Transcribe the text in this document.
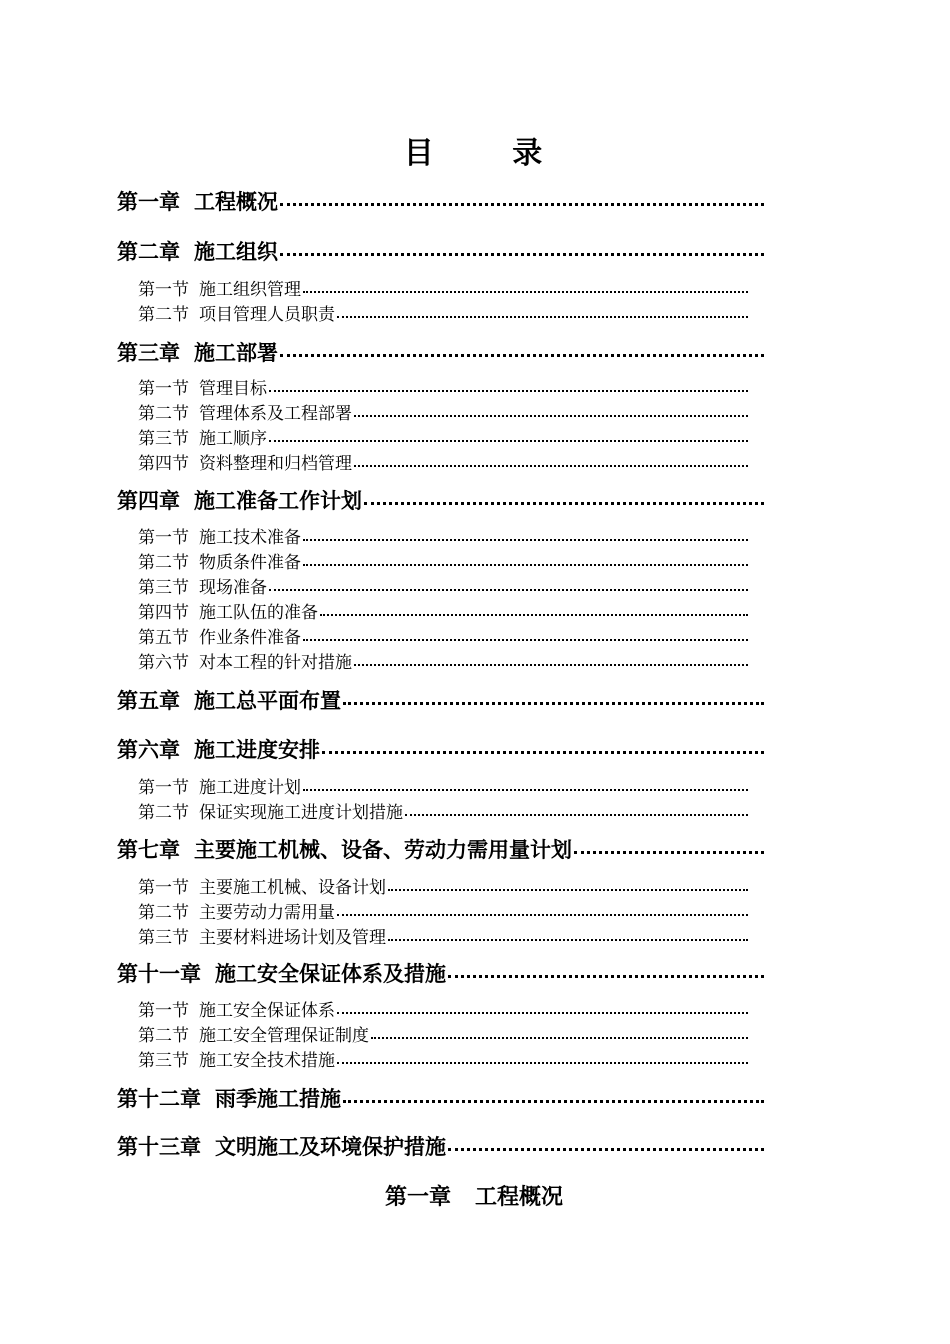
目 录
第一章 工程概况
第二章 施工组织
第一节 施工组织管理
第二节 项目管理人员职责
第三章 施工部署
第一节 管理目标
第二节 管理体系及工程部署
第三节 施工顺序
第四节 资料整理和归档管理
第四章 施工准备工作计划
第一节 施工技术准备
第二节 物质条件准备
第三节 现场准备
第四节 施工队伍的准备
第五节 作业条件准备
第六节 对本工程的针对措施
第五章 施工总平面布置
第六章 施工进度安排
第一节 施工进度计划
第二节 保证实现施工进度计划措施
第七章 主要施工机械、设备、劳动力需用量计划
第一节 主要施工机械、设备计划
第二节 主要劳动力需用量
第三节 主要材料进场计划及管理
第十一章 施工安全保证体系及措施
第一节 施工安全保证体系
第二节 施工安全管理保证制度
第三节 施工安全技术措施
第十二章 雨季施工措施
第十三章 文明施工及环境保护措施
第一章 工程概况
